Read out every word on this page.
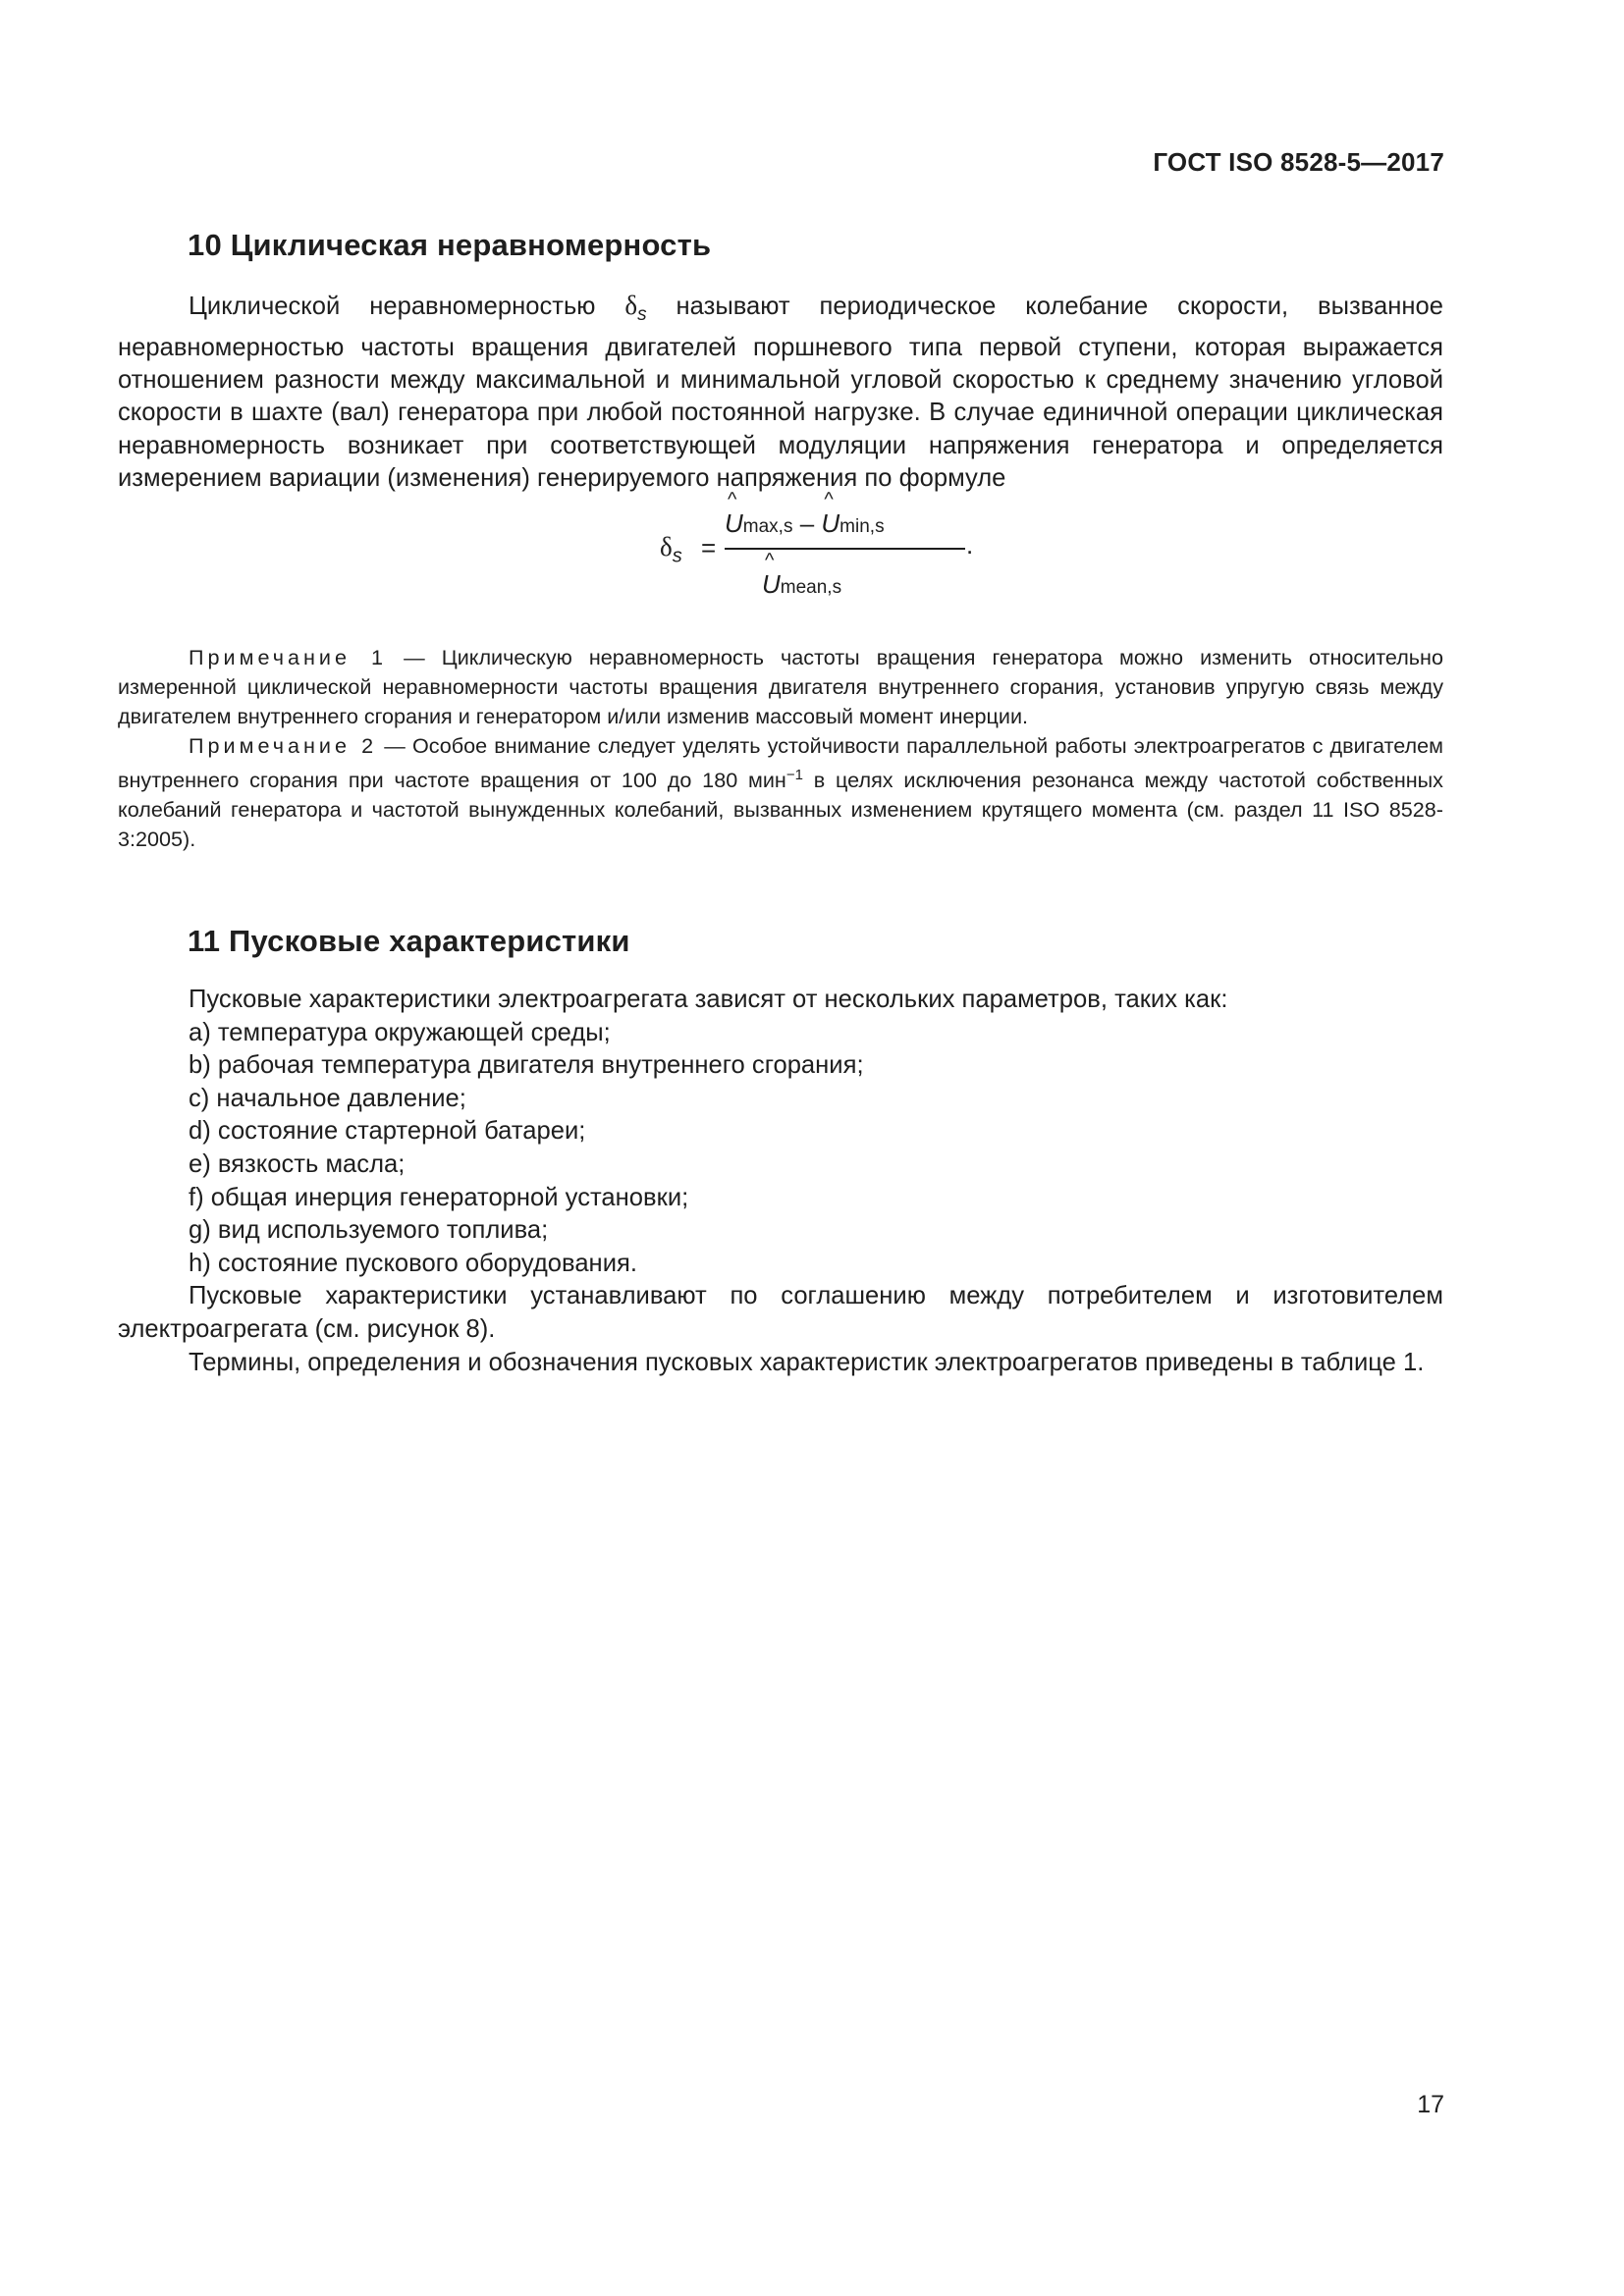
ГОСТ ISO 8528-5—2017
10 Циклическая неравномерность

Циклической неравномерностью $\delta_s$ называют периодическое колебание скорости, вызванное неравномерностью частоты вращения двигателей поршневого типа первой ступени, которая выражается отношением разности между максимальной и минимальной угловой скоростью к среднему значению угловой скорости в шахте (вал) генератора при любой постоянной нагрузке. В случае единичной операции циклическая неравномерность возникает при соответствующей модуляции напряжения генератора и определяется измерением вариации (изменения) генерируемого напряжения по формуле

$\delta_s$ =
^ Umax,s – ^ Umin,s
.
^ Umean,s

Примечание 1 — Циклическую неравномерность частоты вращения генератора можно изменить относительно измеренной циклической неравномерности частоты вращения двигателя внутреннего сгорания, установив упругую связь между двигателем внутреннего сгорания и генератором и/или изменив массовый момент инерции.

Примечание 2 — Особое внимание следует уделять устойчивости параллельной работы электроагрегатов с двигателем внутреннего сгорания при частоте вращения от 100 до 180 мин$^{-1}$ в целях исключения резонанса между частотой собственных колебаний генератора и частотой вынужденных колебаний, вызванных изменением крутящего момента (см. раздел 11 ISO 8528-3:2005).

11 Пусковые характеристики

Пусковые характеристики электроагрегата зависят от нескольких параметров, таких как:

а) температура окружающей среды;

b) рабочая температура двигателя внутреннего сгорания;

с) начальное давление;

d) состояние стартерной батареи;

е) вязкость масла;

f) общая инерция генераторной установки;

g) вид используемого топлива;

h) состояние пускового оборудования.

Пусковые характеристики устанавливают по соглашению между потребителем и изготовителем электроагрегата (см. рисунок 8).

Термины, определения и обозначения пусковых характеристик электроагрегатов приведены в таблице 1.

17
